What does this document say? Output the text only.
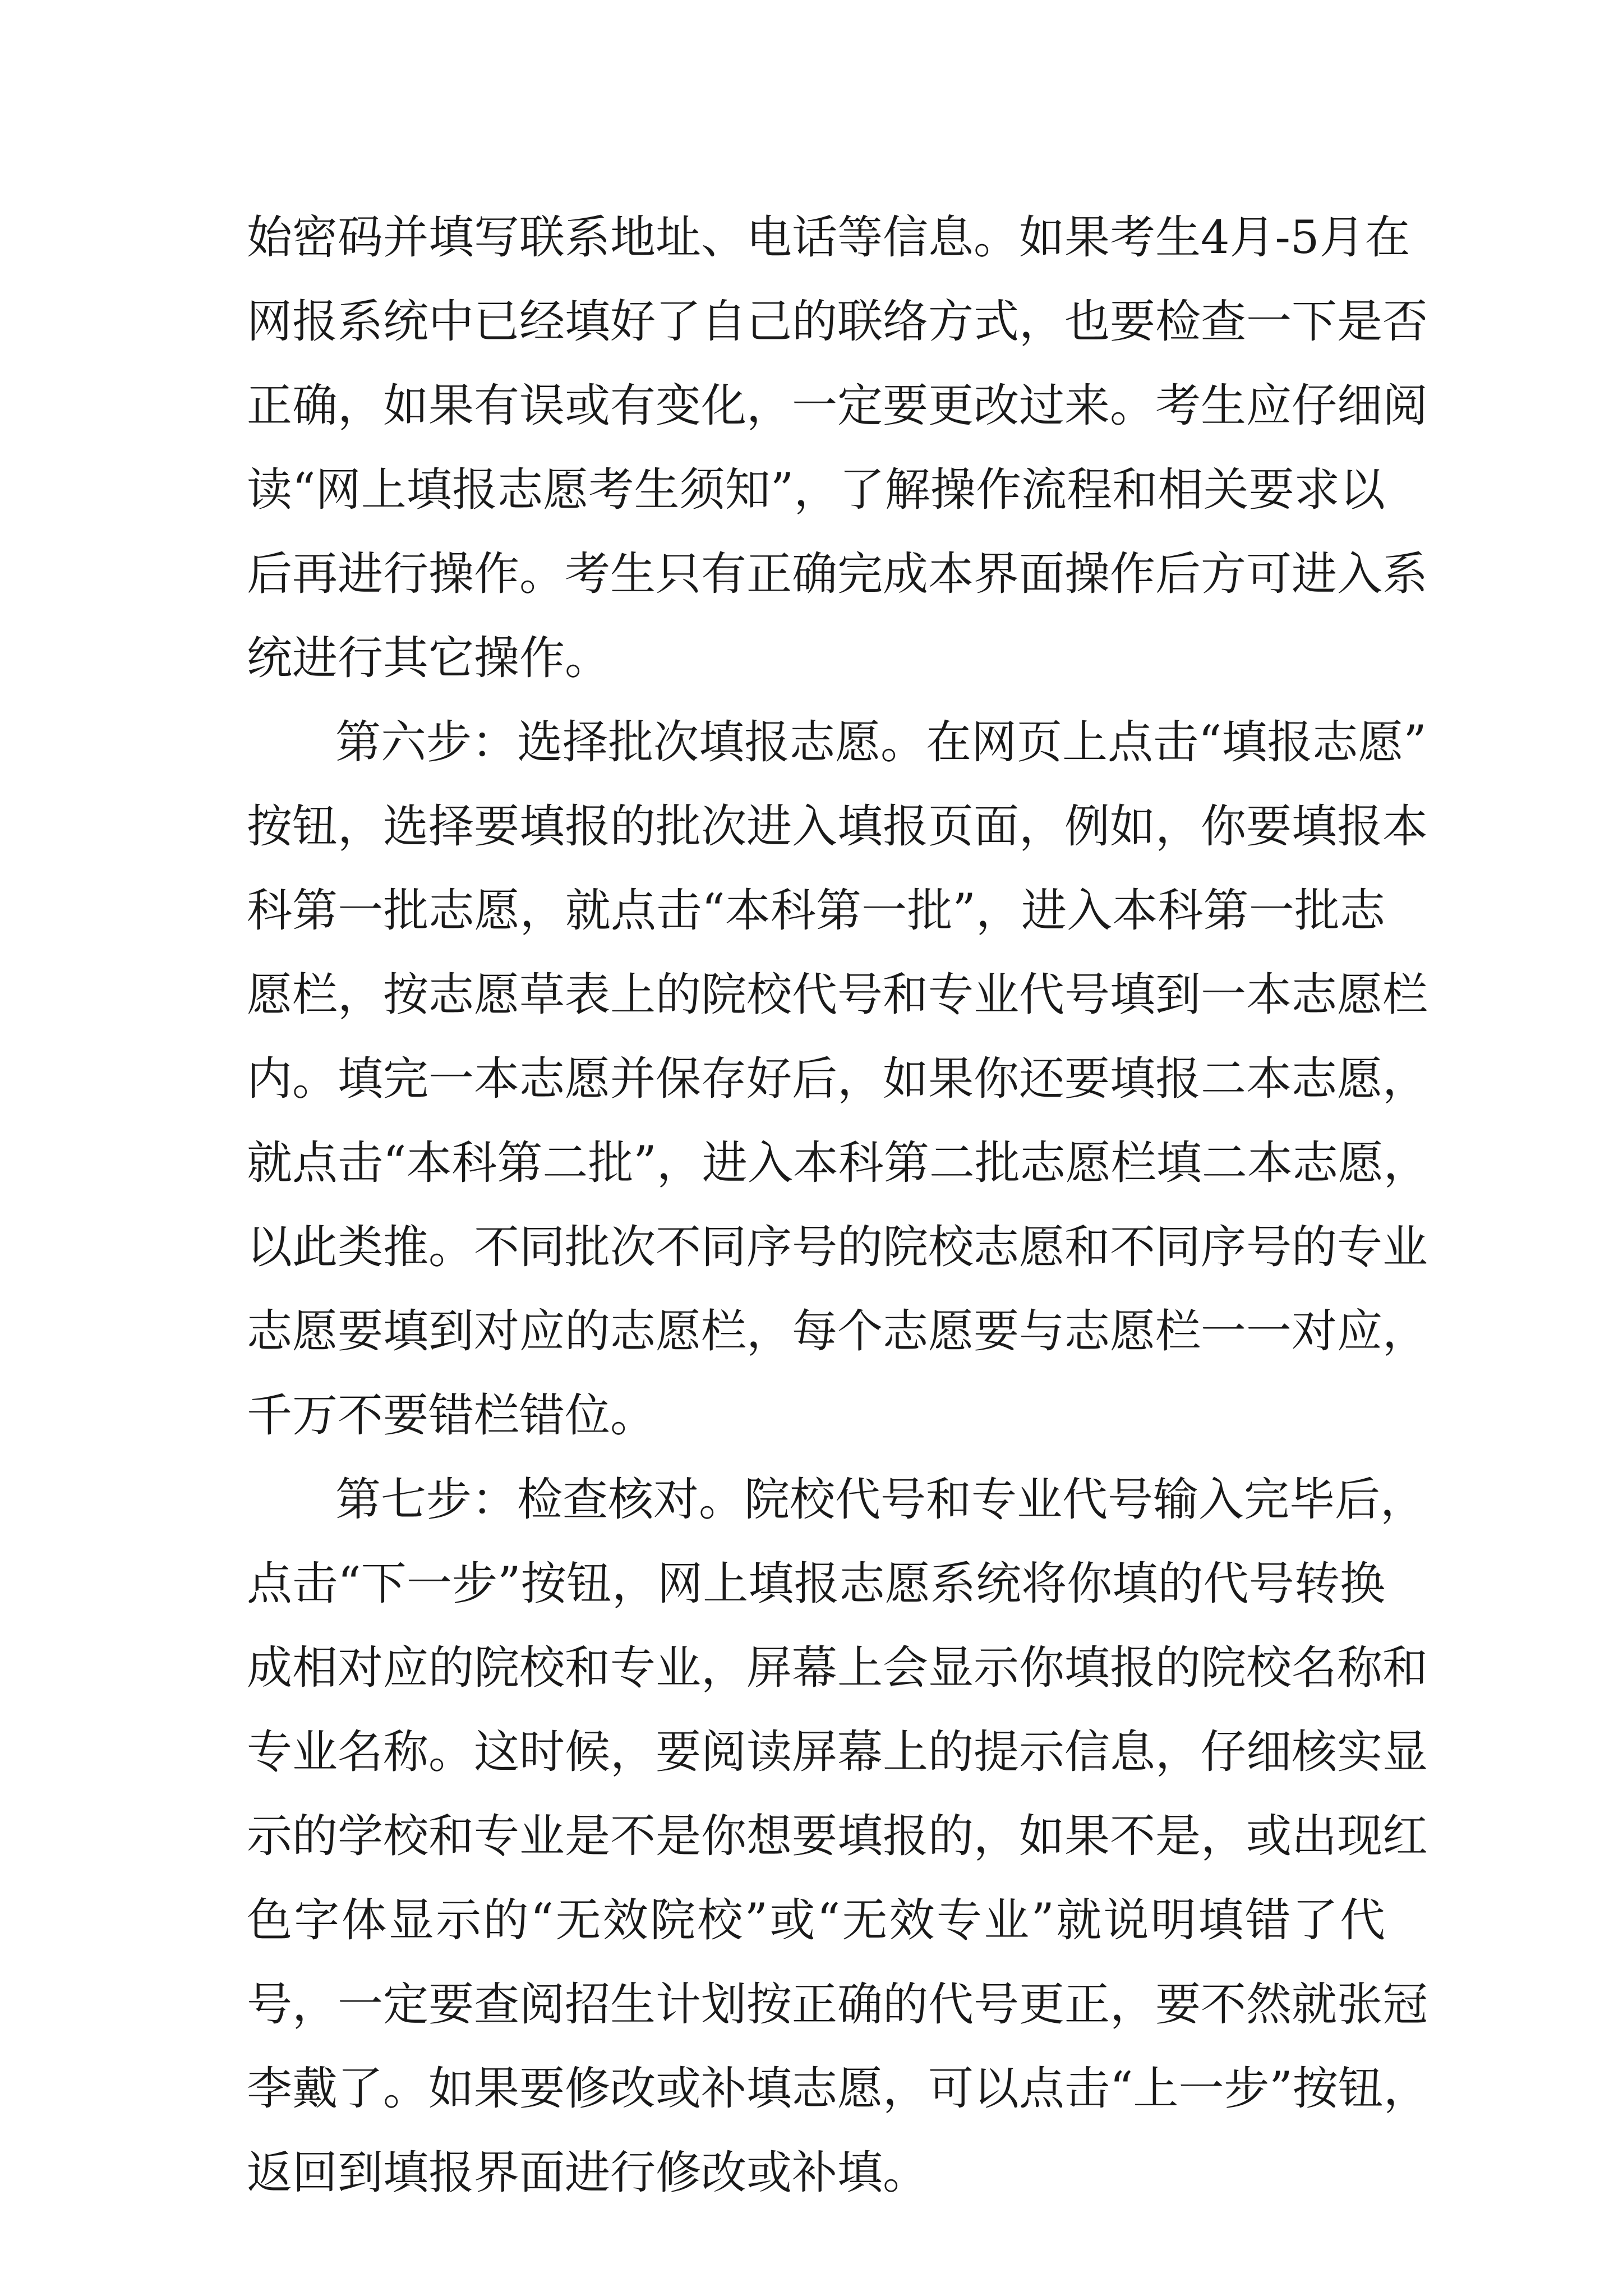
始密码并填写联系地址、电话等信息。如果考生4月-5月在
网报系统中已经填好了自己的联络方式，也要检查一下是否
正确，如果有误或有变化，一定要更改过来。考生应仔细阅
读“网上填报志愿考生须知”，了解操作流程和相关要求以
后再进行操作。考生只有正确完成本界面操作后方可进入系
统进行其它操作。
第六步：选择批次填报志愿。在网页上点击“填报志愿”
按钮，选择要填报的批次进入填报页面，例如，你要填报本
科第一批志愿，就点击“本科第一批”，进入本科第一批志
愿栏，按志愿草表上的院校代号和专业代号填到一本志愿栏
内。填完一本志愿并保存好后，如果你还要填报二本志愿，
就点击“本科第二批”，进入本科第二批志愿栏填二本志愿，
以此类推。不同批次不同序号的院校志愿和不同序号的专业
志愿要填到对应的志愿栏，每个志愿要与志愿栏一一对应，
千万不要错栏错位。
第七步：检查核对。院校代号和专业代号输入完毕后，
点击“下一步”按钮，网上填报志愿系统将你填的代号转换
成相对应的院校和专业，屏幕上会显示你填报的院校名称和
专业名称。这时候，要阅读屏幕上的提示信息，仔细核实显
示的学校和专业是不是你想要填报的，如果不是，或出现红
色字体显示的“无效院校”或“无效专业”就说明填错了代
号，一定要查阅招生计划按正确的代号更正，要不然就张冠
李戴了。如果要修改或补填志愿，可以点击“上一步”按钮，
返回到填报界面进行修改或补填。
